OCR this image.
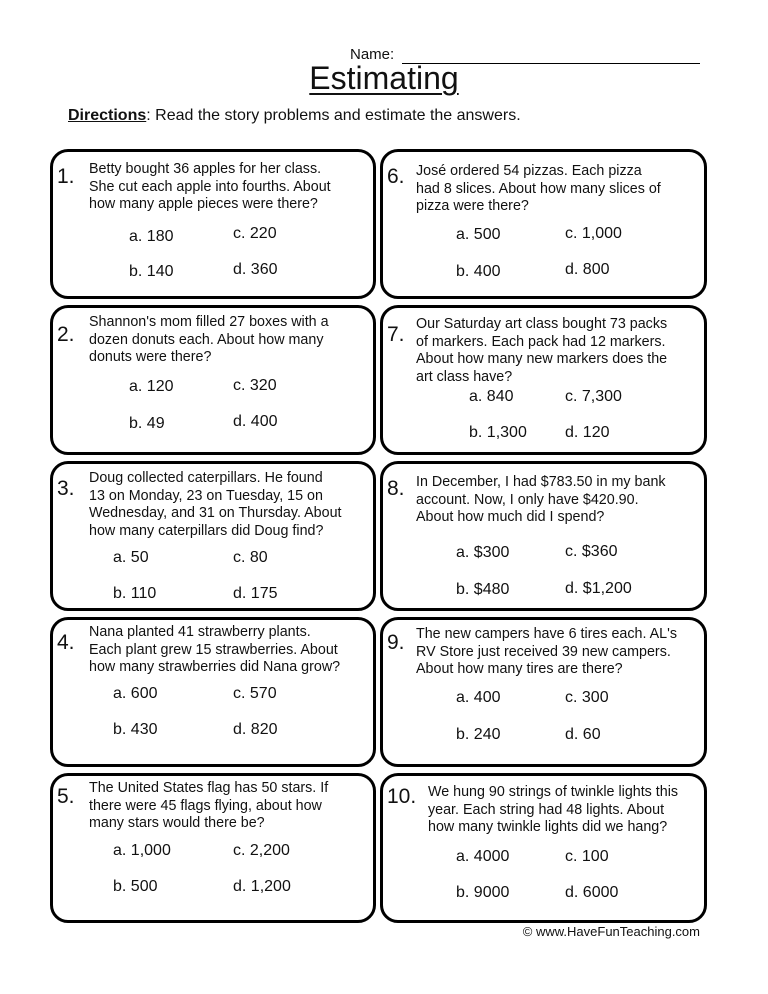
Name:
Estimating
Directions: Read the story problems and estimate the answers.
1. Betty bought 36 apples for her class.
She cut each apple into fourths. About
how many apple pieces were there?

a. 180	c. 220
b. 140	d. 360
2.

Shannon's mom filled 27 boxes with a
dozen donuts each. About how many
donuts were there?

a. 120	c. 320
b. 49	d. 400
3. Doug collected caterpillars. He found
13 on Monday, 23 on Tuesday, 15 on
Wednesday, and 31 on Thursday. About
how many caterpillars did Doug find?

a. 50	c. 80
b. 110	d. 175
4. Nana planted 41 strawberry plants.
Each plant grew 15 strawberries. About
how many strawberries did Nana grow?

a. 600	c. 570
b. 430	d. 820
5. The United States flag has 50 stars. If
there were 45 flags flying, about how
many stars would there be?

a. 1,000	c. 2,200
b. 500	d. 1,200
6. José ordered 54 pizzas. Each pizza
had 8 slices. About how many slices of
pizza were there?

a. 500	c. 1,000
b. 400	d. 800
7. Our Saturday art class bought 73 packs
of markers. Each pack had 12 markers.
About how many new markers does the
art class have?

a. 840	c. 7,300
b. 1,300 d. 120
8. In December, I had $783.50 in my bank
account. Now, I only have $420.90.
About how much did I spend?

a. $300	c. $360
b. $480	d. $1,200
9. The new campers have 6 tires each. AL's
RV Store just received 39 new campers.
About how many tires are there?

a. 400	c. 300
b. 240	d. 60
10. We hung 90 strings of twinkle lights this
year. Each string had 48 lights. About
how many twinkle lights did we hang?

a. 4000	c. 100
b. 9000	d. 6000
© www.HaveFunTeaching.com
